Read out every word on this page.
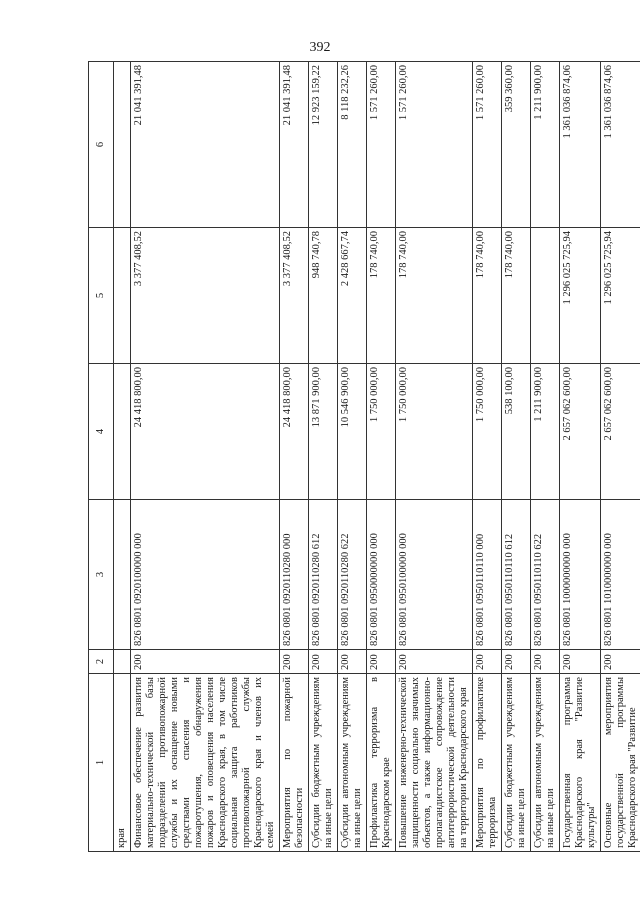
392
1	2	3	4	5	6
края					
Финансовое обеспечение развития материально-технической базы подразделений противопожарной службы и их оснащение новыми средствами спасения и пожаротушения, обнаружения пожаров и оповещения населения Краснодарского края, в том числе социальная защита работников противопожарной службы Краснодарского края и членов их семей	200	826 0801 0920100000 000	24 418 800,00	3 377 408,52	21 041 391,48
Мероприятия по пожарной безопасности	200	826 0801 0920110280 000	24 418 800,00	3 377 408,52	21 041 391,48
Субсидии бюджетным учреждениям на иные цели	200	826 0801 0920110280 612	13 871 900,00	948 740,78	12 923 159,22
Субсидии автономным учреждениям на иные цели	200	826 0801 0920110280 622	10 546 900,00	2 428 667,74	8 118 232,26
Профилактика терроризма в Краснодарском крае	200	826 0801 0950000000 000	1 750 000,00	178 740,00	1 571 260,00
Повышение инженерно-технической защищенности социально значимых объектов, а также информационно-пропагандистское сопровождение антитеррористической деятельности на территории Краснодарского края	200	826 0801 0950100000 000	1 750 000,00	178 740,00	1 571 260,00
Мероприятия по профилактике терроризма	200	826 0801 0950110110 000	1 750 000,00	178 740,00	1 571 260,00
Субсидии бюджетным учреждениям на иные цели	200	826 0801 0950110110 612	538 100,00	178 740,00	359 360,00
Субсидии автономным учреждениям на иные цели	200	826 0801 0950110110 622	1 211 900,00		1 211 900,00
Государственная программа Краснодарского края "Развитие культуры"	200	826 0801 1000000000 000	2 657 062 600,00	1 296 025 725,94	1 361 036 874,06
Основные мероприятия государственной программы Краснодарского края "Развитие	200	826 0801 1010000000 000	2 657 062 600,00	1 296 025 725,94	1 361 036 874,06
